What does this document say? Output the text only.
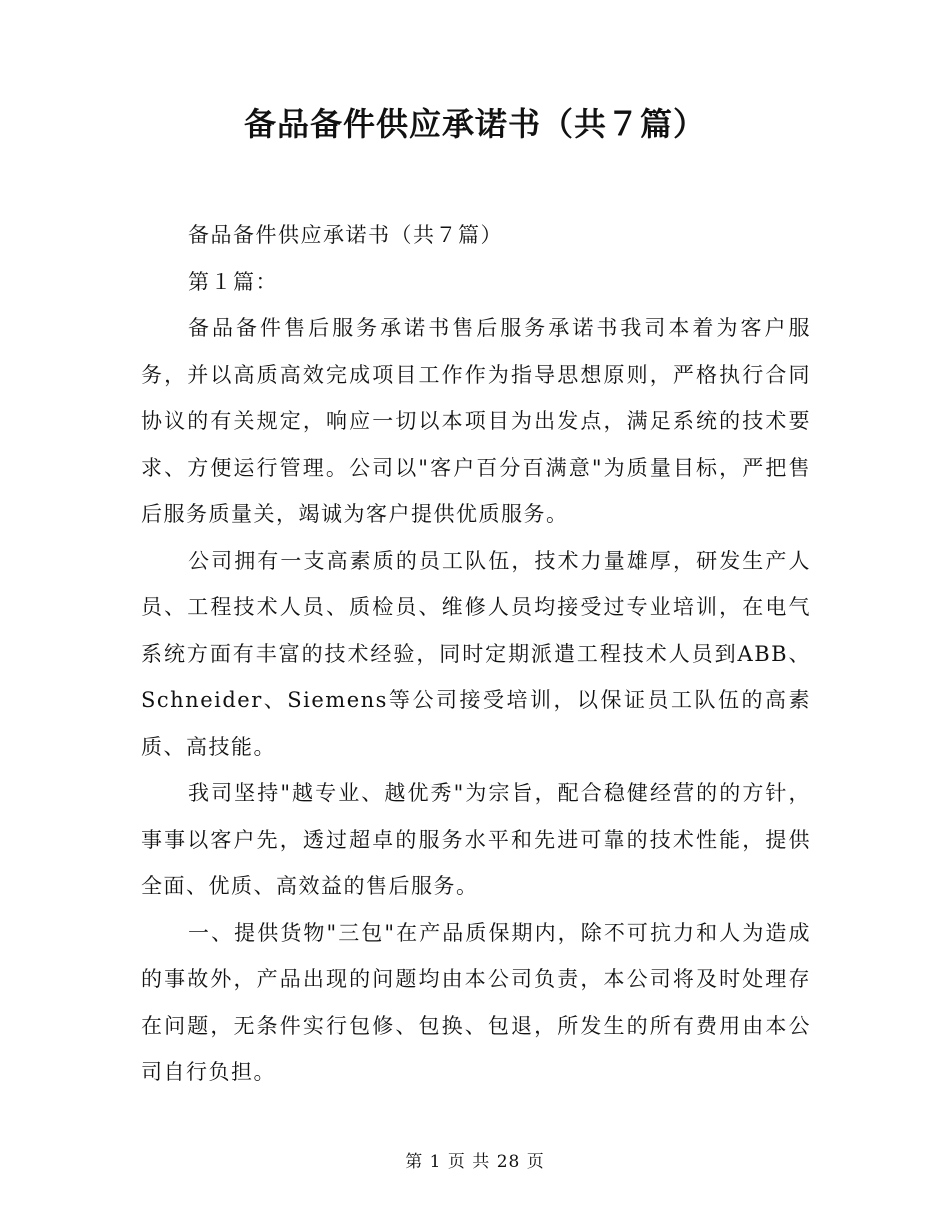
备品备件供应承诺书（共７篇）

备品备件供应承诺书（共７篇）

第１篇：

备品备件售后服务承诺书售后服务承诺书我司本着为客户服务，并以高质高效完成项目工作作为指导思想原则，严格执行合同协议的有关规定，响应一切以本项目为出发点，满足系统的技术要求、方便运行管理。公司以"客户百分百满意"为质量目标，严把售后服务质量关，竭诚为客户提供优质服务。

公司拥有一支高素质的员工队伍，技术力量雄厚，研发生产人员、工程技术人员、质检员、维修人员均接受过专业培训，在电气系统方面有丰富的技术经验，同时定期派遣工程技术人员到ABB、Schneider、Siemens等公司接受培训，以保证员工队伍的高素质、高技能。

我司坚持"越专业、越优秀"为宗旨，配合稳健经营的的方针，事事以客户先，透过超卓的服务水平和先进可靠的技术性能，提供全面、优质、高效益的售后服务。

一、提供货物"三包"在产品质保期内，除不可抗力和人为造成的事故外，产品出现的问题均由本公司负责，本公司将及时处理存在问题，无条件实行包修、包换、包退，所发生的所有费用由本公司自行负担。

第 1 页 共 28 页
